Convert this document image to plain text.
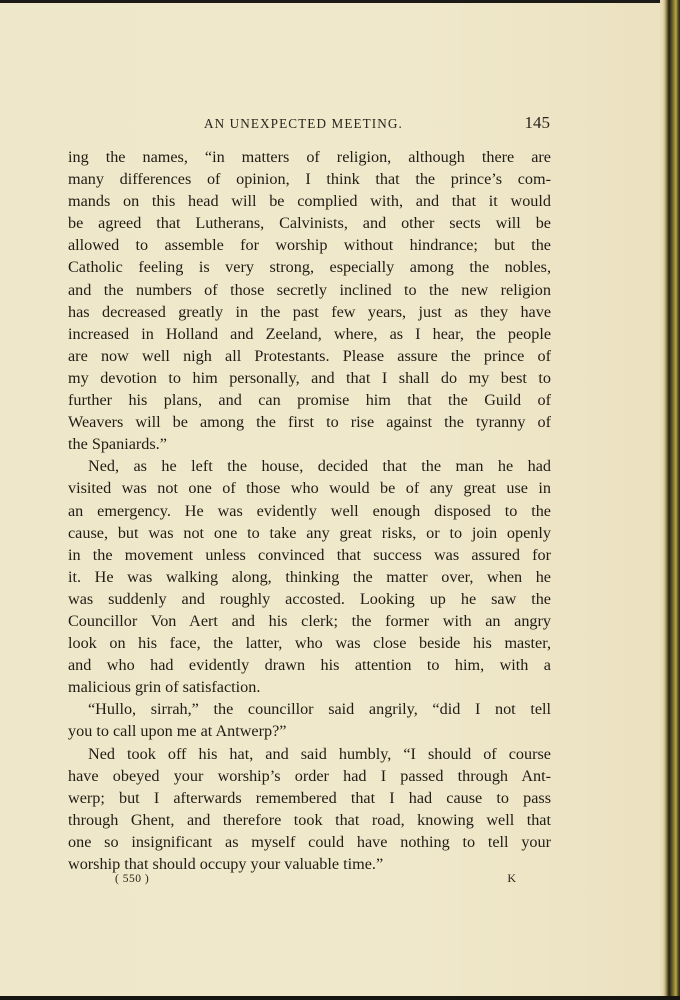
AN UNEXPECTED MEETING.	145
ing the names, “in matters of religion, although there are
many differences of opinion, I think that the prince’s com-
mands on this head will be complied with, and that it would
be agreed that Lutherans, Calvinists, and other sects will be
allowed to assemble for worship without hindrance; but the
Catholic feeling is very strong, especially among the nobles,
and the numbers of those secretly inclined to the new religion
has decreased greatly in the past few years, just as they have
increased in Holland and Zeeland, where, as I hear, the people
are now well nigh all Protestants. Please assure the prince of
my devotion to him personally, and that I shall do my best to
further his plans, and can promise him that the Guild of
Weavers will be among the first to rise against the tyranny of
the Spaniards.”
Ned, as he left the house, decided that the man he had
visited was not one of those who would be of any great use in
an emergency. He was evidently well enough disposed to the
cause, but was not one to take any great risks, or to join openly
in the movement unless convinced that success was assured for
it. He was walking along, thinking the matter over, when he
was suddenly and roughly accosted. Looking up he saw the
Councillor Von Aert and his clerk; the former with an angry
look on his face, the latter, who was close beside his master,
and who had evidently drawn his attention to him, with a
malicious grin of satisfaction.
“Hullo, sirrah,” the councillor said angrily, “did I not tell
you to call upon me at Antwerp?”
Ned took off his hat, and said humbly, “I should of course
have obeyed your worship’s order had I passed through Ant-
werp; but I afterwards remembered that I had cause to pass
through Ghent, and therefore took that road, knowing well that
one so insignificant as myself could have nothing to tell your
worship that should occupy your valuable time.”
( 550 )	K
